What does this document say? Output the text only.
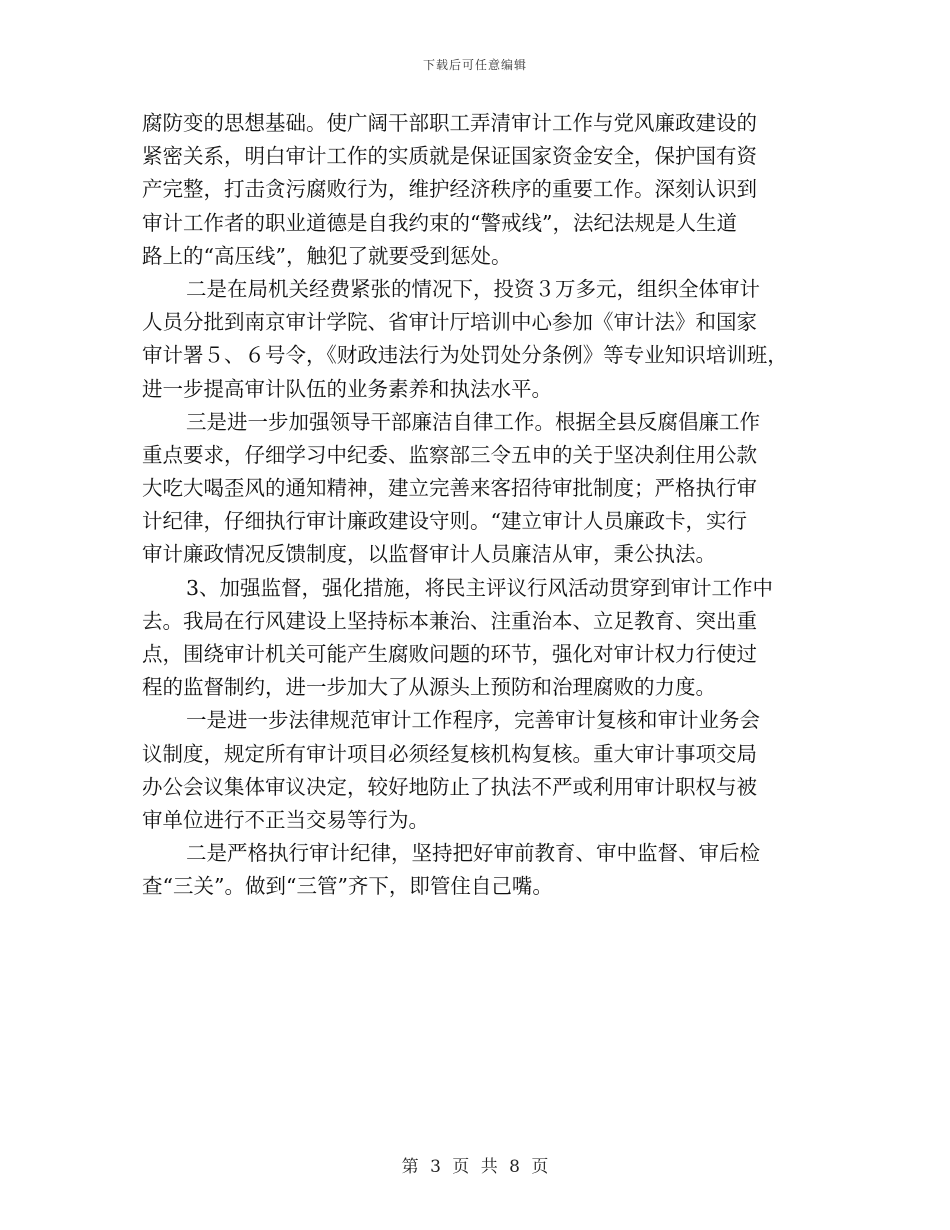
下载后可任意编辑
腐防变的思想基础。使广阔干部职工弄清审计工作与党风廉政建设的
紧密关系，明白审计工作的实质就是保证国家资金安全，保护国有资
产完整，打击贪污腐败行为，维护经济秩序的重要工作。深刻认识到
审计工作者的职业道德是自我约束的“警戒线”，法纪法规是人生道
路上的“高压线”，触犯了就要受到惩处。
二是在局机关经费紧张的情况下，投资３万多元，组织全体审计
人员分批到南京审计学院、省审计厅培训中心参加《审计法》和国家
审计署５、６号令，《财政违法行为处罚处分条例》等专业知识培训班，
进一步提高审计队伍的业务素养和执法水平。
三是进一步加强领导干部廉洁自律工作。根据全县反腐倡廉工作
重点要求，仔细学习中纪委、监察部三令五申的关于坚决刹住用公款
大吃大喝歪风的通知精神，建立完善来客招待审批制度；严格执行审
计纪律，仔细执行审计廉政建设守则。“建立审计人员廉政卡，实行
审计廉政情况反馈制度，以监督审计人员廉洁从审，秉公执法。
3、加强监督，强化措施，将民主评议行风活动贯穿到审计工作中
去。我局在行风建设上坚持标本兼治、注重治本、立足教育、突出重
点，围绕审计机关可能产生腐败问题的环节，强化对审计权力行使过
程的监督制约，进一步加大了从源头上预防和治理腐败的力度。
一是进一步法律规范审计工作程序，完善审计复核和审计业务会
议制度，规定所有审计项目必须经复核机构复核。重大审计事项交局
办公会议集体审议决定，较好地防止了执法不严或利用审计职权与被
审单位进行不正当交易等行为。
二是严格执行审计纪律，坚持把好审前教育、审中监督、审后检
查“三关”。做到“三管”齐下，即管住自己嘴。
第 3 页 共 8 页
